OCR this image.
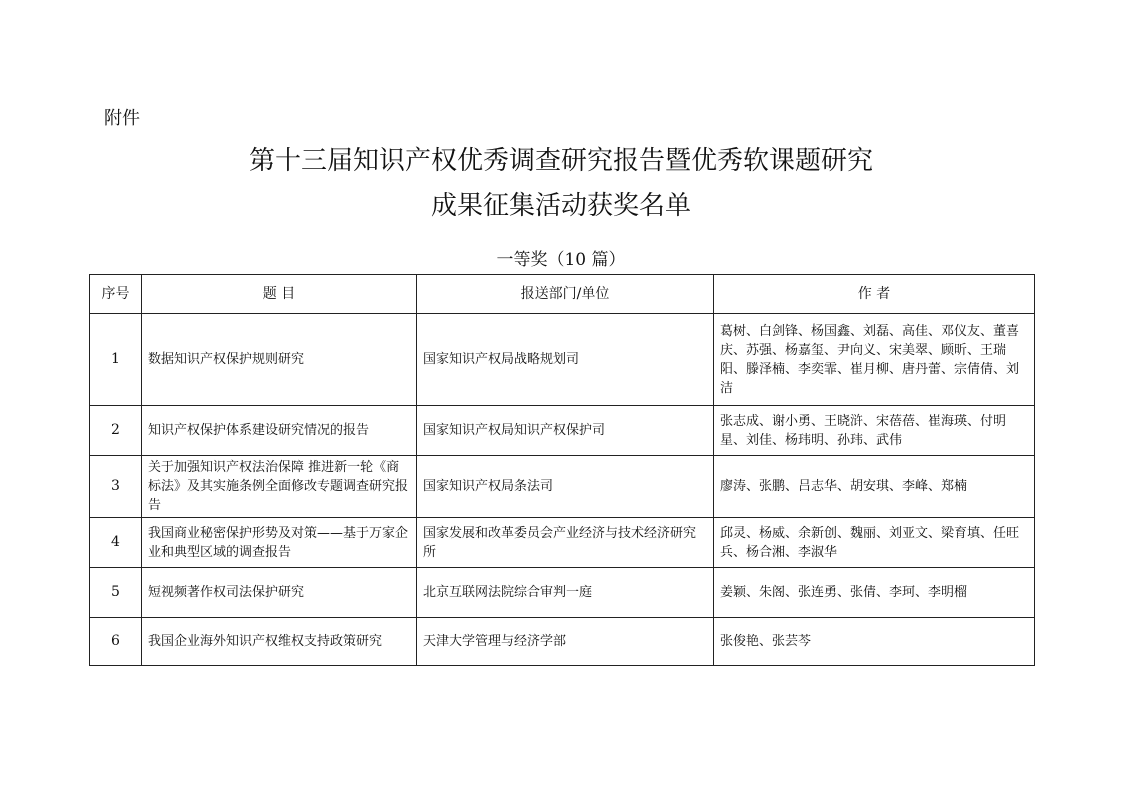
附件
第十三届知识产权优秀调查研究报告暨优秀软课题研究
成果征集活动获奖名单
一等奖（10 篇）
序号	题 目	报送部门/单位	作 者
1	数据知识产权保护规则研究	国家知识产权局战略规划司	葛树、白剑锋、杨国鑫、刘磊、高佳、邓仪友、董喜庆、苏强、杨嘉玺、尹向义、宋美翠、顾昕、王瑞阳、滕泽楠、李奕霏、崔月柳、唐丹蕾、宗倩倩、刘洁
2	知识产权保护体系建设研究情况的报告	国家知识产权局知识产权保护司	张志成、谢小勇、王晓浒、宋蓓蓓、崔海瑛、付明星、刘佳、杨玮明、孙玮、武伟
3	关于加强知识产权法治保障 推进新一轮《商标法》及其实施条例全面修改专题调查研究报告	国家知识产权局条法司	廖涛、张鹏、吕志华、胡安琪、李峰、郑楠
4	我国商业秘密保护形势及对策——基于万家企业和典型区域的调查报告	国家发展和改革委员会产业经济与技术经济研究所	邱灵、杨威、余新创、魏丽、刘亚文、梁育填、任旺兵、杨合湘、李淑华
5	短视频著作权司法保护研究	北京互联网法院综合审判一庭	姜颖、朱阁、张连勇、张倩、李珂、李明榴
6	我国企业海外知识产权维权支持政策研究	天津大学管理与经济学部	张俊艳、张芸芩
